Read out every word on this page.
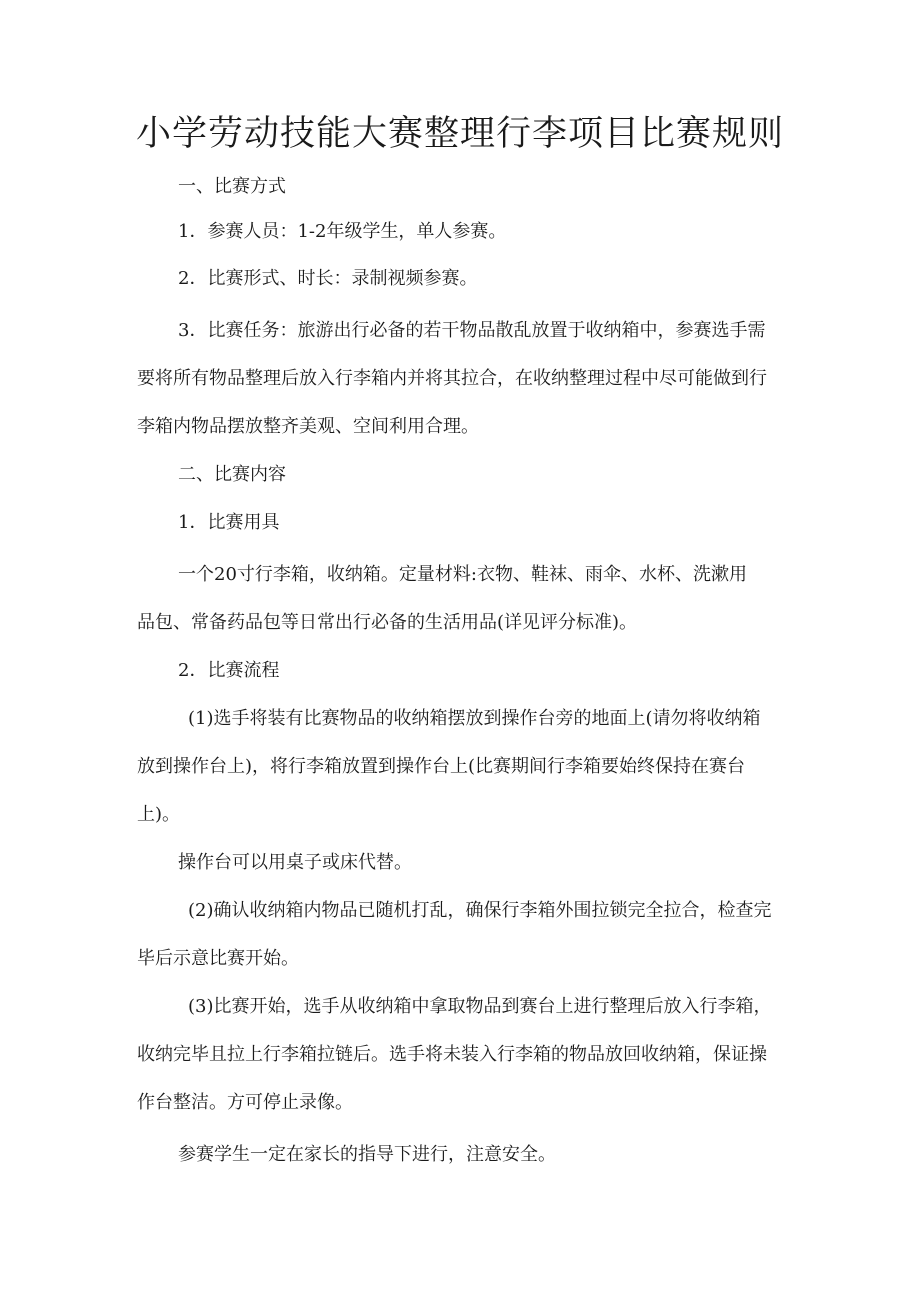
小学劳动技能大赛整理行李项目比赛规则

一、比赛方式

1．参赛人员：1-2年级学生，单人参赛。

2．比赛形式、时长：录制视频参赛。

3．比赛任务：旅游出行必备的若干物品散乱放置于收纳箱中，参赛选手需

要将所有物品整理后放入行李箱内并将其拉合，在收纳整理过程中尽可能做到行

李箱内物品摆放整齐美观、空间利用合理。

二、比赛内容

1．比赛用具

一个20寸行李箱，收纳箱。定量材料:衣物、鞋袜、雨伞、水杯、洗漱用

品包、常备药品包等日常出行必备的生活用品(详见评分标准)。

2．比赛流程

(1)选手将装有比赛物品的收纳箱摆放到操作台旁的地面上(请勿将收纳箱

放到操作台上)，将行李箱放置到操作台上(比赛期间行李箱要始终保持在赛台

上)。

操作台可以用桌子或床代替。

(2)确认收纳箱内物品已随机打乱，确保行李箱外围拉锁完全拉合，检查完

毕后示意比赛开始。

(3)比赛开始，选手从收纳箱中拿取物品到赛台上进行整理后放入行李箱，

收纳完毕且拉上行李箱拉链后。选手将未装入行李箱的物品放回收纳箱，保证操

作台整洁。方可停止录像。

参赛学生一定在家长的指导下进行，注意安全。
